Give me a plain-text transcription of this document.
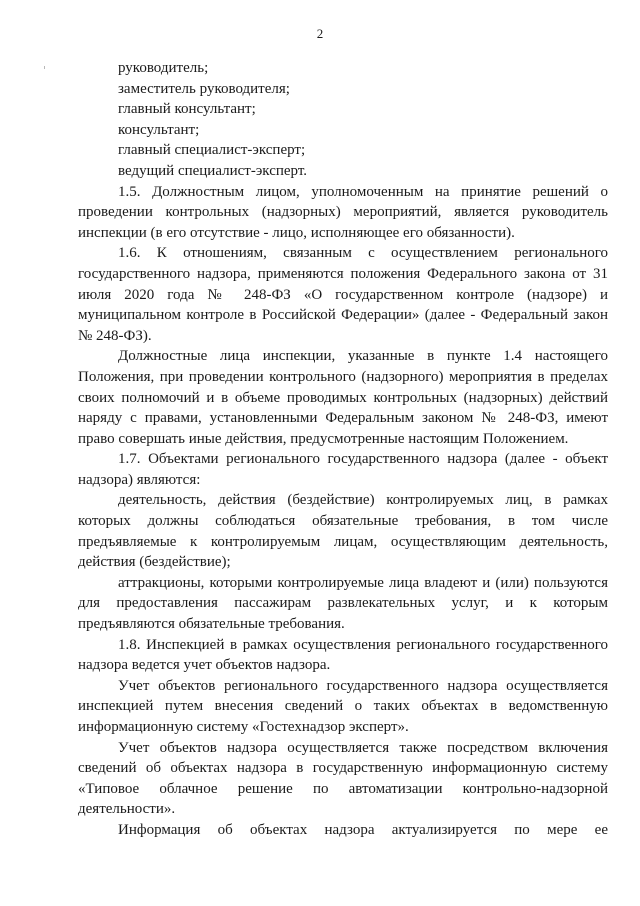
2

руководитель;

заместитель руководителя;

главный консультант;

консультант;

главный специалист-эксперт;

ведущий специалист-эксперт.

1.5. Должностным лицом, уполномоченным на принятие решений о проведении контрольных (надзорных) мероприятий, является руководитель инспекции (в его отсутствие - лицо, исполняющее его обязанности).

1.6. К отношениям, связанным с осуществлением регионального государственного надзора, применяются положения Федерального закона от 31 июля 2020 года № 248-ФЗ «О государственном контроле (надзоре) и муниципальном контроле в Российской Федерации» (далее - Федеральный закон № 248-ФЗ).

Должностные лица инспекции, указанные в пункте 1.4 настоящего Положения, при проведении контрольного (надзорного) мероприятия в пределах своих полномочий и в объеме проводимых контрольных (надзорных) действий наряду с правами, установленными Федеральным законом № 248-ФЗ, имеют право совершать иные действия, предусмотренные настоящим Положением.

1.7. Объектами регионального государственного надзора (далее - объект надзора) являются:

деятельность, действия (бездействие) контролируемых лиц, в рамках которых должны соблюдаться обязательные требования, в том числе предъявляемые к контролируемым лицам, осуществляющим деятельность, действия (бездействие);

аттракционы, которыми контролируемые лица владеют и (или) пользуются для предоставления пассажирам развлекательных услуг, и к которым предъявляются обязательные требования.

1.8. Инспекцией в рамках осуществления регионального государственного надзора ведется учет объектов надзора.

Учет объектов регионального государственного надзора осуществляется инспекцией путем внесения сведений о таких объектах в ведомственную информационную систему «Гостехнадзор эксперт».

Учет объектов надзора осуществляется также посредством включения сведений об объектах надзора в государственную информационную систему «Типовое облачное решение по автоматизации контрольно-надзорной деятельности».

Информация об объектах надзора актуализируется по мере ее
